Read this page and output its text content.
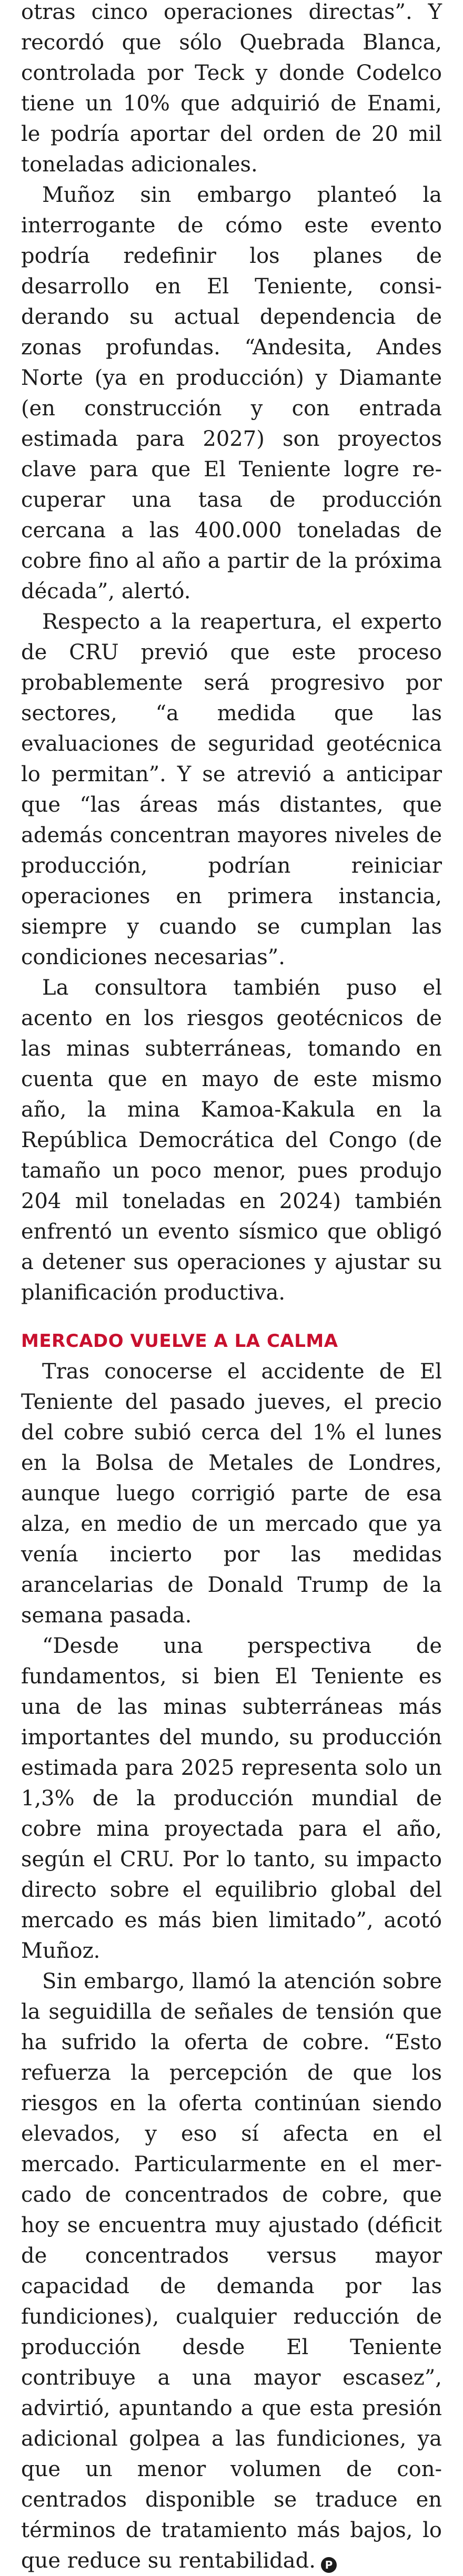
otras cinco operaciones directas”. Y recordó que sólo Quebrada Blanca, controlada por Teck y donde Codelco tiene un 10% que adquirió de Enami, le podría aportar del orden de 20 mil toneladas adicionales.

Muñoz sin embargo planteó la interrogante de cómo este evento podría redefinir los planes de desarrollo en El Teniente, considerando su actual dependencia de zonas profundas. “Andesita, Andes Norte (ya en producción) y Diamante (en construcción y con entrada estimada para 2027) son proyectos clave para que El Teniente logre recuperar una tasa de producción cercana a las 400.000 toneladas de cobre fino al año a partir de la próxima década”, alertó.

Respecto a la reapertura, el experto de CRU previó que este proceso probablemente será progresivo por sectores, “a medida que las evaluaciones de seguridad geotécnica lo permitan”. Y se atrevió a anticipar que “las áreas más distantes, que además concentran mayores niveles de producción, podrían reiniciar operaciones en primera instancia, siempre y cuando se cumplan las condiciones necesarias”.

La consultora también puso el acento en los riesgos geotécnicos de las minas subterráneas, tomando en cuenta que en mayo de este mismo año, la mina Kamoa-Kakula en la República Democrática del Congo (de tamaño un poco menor, pues produjo 204 mil toneladas en 2024) también enfrentó un evento sísmico que obligó a detener sus operaciones y ajustar su planificación productiva.

MERCADO VUELVE A LA CALMA

Tras conocerse el accidente de El Teniente del pasado jueves, el precio del cobre subió cerca del 1% el lunes en la Bolsa de Metales de Londres, aunque luego corrigió parte de esa alza, en medio de un mercado que ya venía incierto por las medidas arancelarias de Donald Trump de la semana pasada.

“Desde una perspectiva de fundamentos, si bien El Teniente es una de las minas subterráneas más importantes del mundo, su producción estimada para 2025 representa solo un 1,3% de la producción mundial de cobre mina proyectada para el año, según el CRU. Por lo tanto, su impacto directo sobre el equilibrio global del mercado es más bien limitado”, acotó Muñoz.

Sin embargo, llamó la atención sobre la seguidilla de señales de tensión que ha sufrido la oferta de cobre. “Esto refuerza la percepción de que los riesgos en la oferta continúan siendo elevados, y eso sí afecta en el mercado. Particularmente en el mercado de concentrados de cobre, que hoy se encuentra muy ajustado (déficit de concentrados versus mayor capacidad de demanda por las fundiciones), cualquier reducción de producción desde El Teniente contribuye a una mayor escasez”, advirtió, apuntando a que esta presión adicional golpea a las fundiciones, ya que un menor volumen de concentrados disponible se traduce en términos de tratamiento más bajos, lo que reduce su rentabilidad. P
